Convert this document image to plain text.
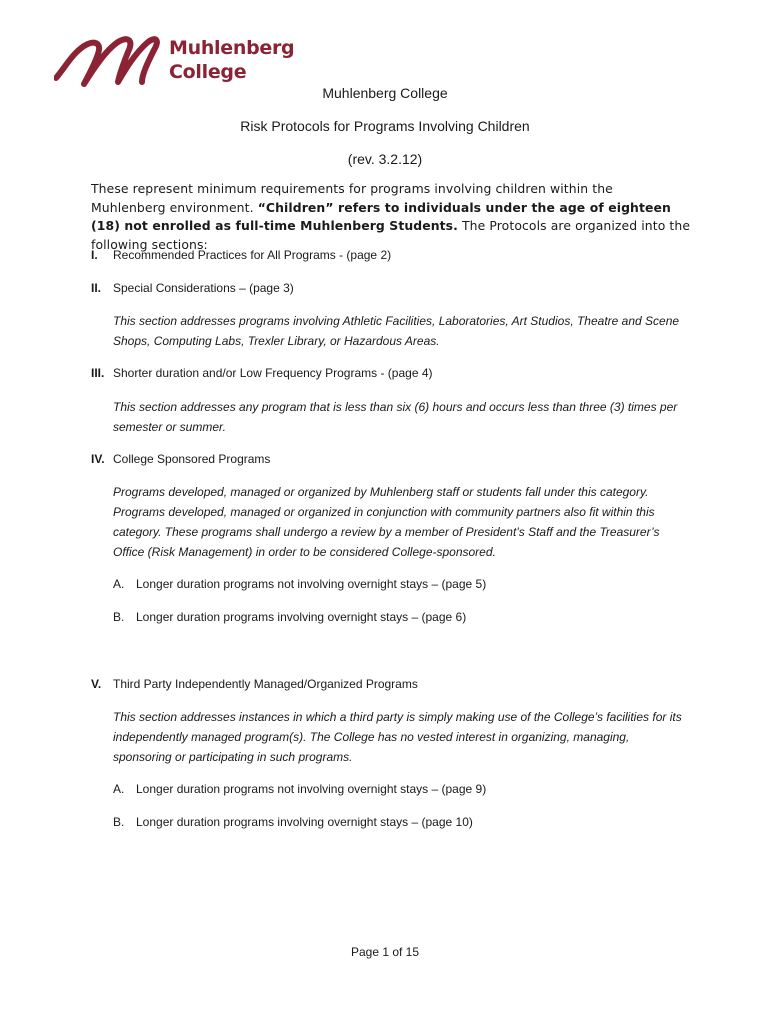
Muhlenberg
College
Muhlenberg College
Risk Protocols for Programs Involving Children
(rev. 3.2.12)
These represent minimum requirements for programs involving children within the Muhlenberg environment. “Children” refers to individuals under the age of eighteen (18) not enrolled as full-time Muhlenberg Students. The Protocols are organized into the following sections:
I.	Recommended Practices for All Programs - (page 2)
II. Special Considerations – (page 3)
This section addresses programs involving Athletic Facilities, Laboratories, Art Studios, Theatre and Scene Shops, Computing Labs, Trexler Library, or Hazardous Areas.
III. Shorter duration and/or Low Frequency Programs - (page 4)
This section addresses any program that is less than six (6) hours and occurs less than three (3) times per semester or summer.
IV. College Sponsored Programs
Programs developed, managed or organized by Muhlenberg staff or students fall under this category. Programs developed, managed or organized in conjunction with community partners also fit within this category. These programs shall undergo a review by a member of President’s Staff and the Treasurer’s Office (Risk Management) in order to be considered College-sponsored.
A. Longer duration programs not involving overnight stays – (page 5)
B. Longer duration programs involving overnight stays – (page 6)
V. Third Party Independently Managed/Organized Programs
This section addresses instances in which a third party is simply making use of the College’s facilities for its independently managed program(s). The College has no vested interest in organizing, managing, sponsoring or participating in such programs.
A. Longer duration programs not involving overnight stays – (page 9)
B. Longer duration programs involving overnight stays – (page 10)
Page 1 of 15
